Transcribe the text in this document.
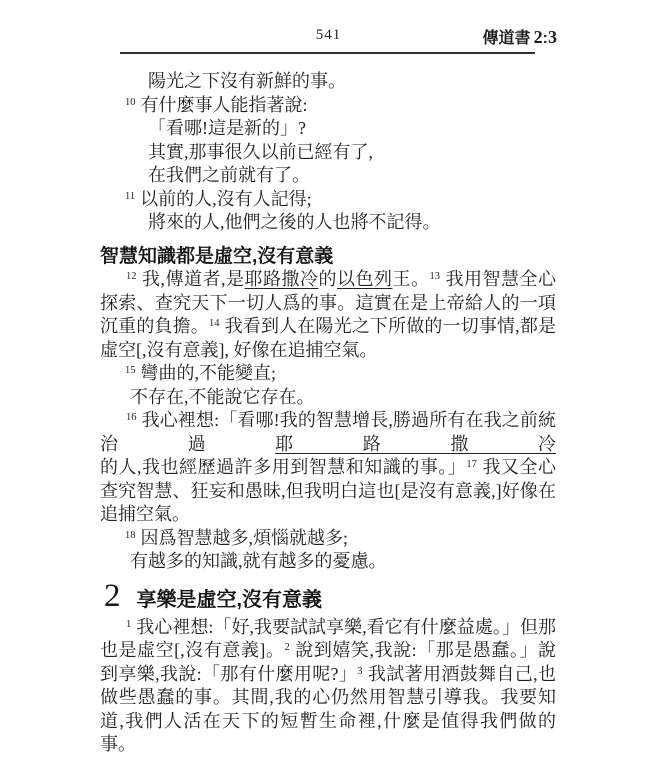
541	傳道書  2:3
陽光之下沒有新鮮的事。
$^{10}$ 有什麼事人能指著說:
「看哪!這是新的」?
其實,那事很久以前已經有了,
在我們之前就有了。
$^{11}$ 以前的人,沒有人記得;
將來的人,他們之後的人也將不記得。
智慧知識都是虛空,沒有意義

$^{12}$ 我,傳道者,是耶路撒冷的以色列王。$^{13}$ 我用智慧全心探索、查究天下一切人爲的事。這實在是上帝給人的一項沉重的負擔。$^{14}$ 我看到人在陽光之下所做的一切事情,都是虛空[,沒有意義], 好像在追捕空氣。

$^{15}$ 彎曲的,不能變直;
不存在,不能說它存在。

$^{16}$ 我心裡想:「看哪!我的智慧增長,勝過所有在我之前統治過耶路撒冷的人,我也經歷過許多用到智慧和知識的事。」$^{17}$ 我又全心查究智慧、狂妄和愚昧,但我明白這也[是沒有意義,]好像在追捕空氣。

$^{18}$ 因爲智慧越多,煩惱就越多;
有越多的知識,就有越多的憂慮。
2 享樂是虛空,沒有意義

$^1$ 我心裡想:「好,我要試試享樂,看它有什麼益處。」但那也是虛空[,沒有意義]。$^2$ 說到嬉笑,我說:「那是愚蠢。」說到享樂,我說:「那有什麼用呢?」$^3$ 我試著用酒鼓舞自己,也做些愚蠢的事。其間,我的心仍然用智慧引導我。我要知道,我們人活在天下的短暫生命裡,什麼是值得我們做的事。
